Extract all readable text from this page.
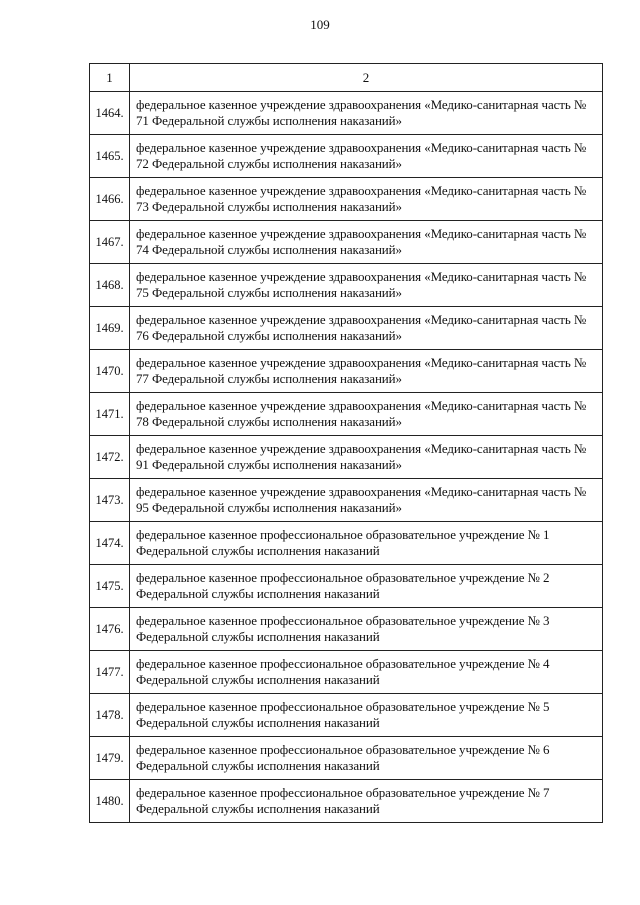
109
1	2
1464.	федеральное казенное учреждение здравоохранения «Медико-санитарная часть № 71 Федеральной службы исполнения наказаний»
1465.	федеральное казенное учреждение здравоохранения «Медико-санитарная часть № 72 Федеральной службы исполнения наказаний»
1466.	федеральное казенное учреждение здравоохранения «Медико-санитарная часть № 73 Федеральной службы исполнения наказаний»
1467.	федеральное казенное учреждение здравоохранения «Медико-санитарная часть № 74 Федеральной службы исполнения наказаний»
1468.	федеральное казенное учреждение здравоохранения «Медико-санитарная часть № 75 Федеральной службы исполнения наказаний»
1469.	федеральное казенное учреждение здравоохранения «Медико-санитарная часть № 76 Федеральной службы исполнения наказаний»
1470.	федеральное казенное учреждение здравоохранения «Медико-санитарная часть № 77 Федеральной службы исполнения наказаний»
1471.	федеральное казенное учреждение здравоохранения «Медико-санитарная часть № 78 Федеральной службы исполнения наказаний»
1472.	федеральное казенное учреждение здравоохранения «Медико-санитарная часть № 91 Федеральной службы исполнения наказаний»
1473.	федеральное казенное учреждение здравоохранения «Медико-санитарная часть № 95 Федеральной службы исполнения наказаний»
1474.	федеральное казенное профессиональное образовательное учреждение № 1 Федеральной службы исполнения наказаний
1475.	федеральное казенное профессиональное образовательное учреждение № 2 Федеральной службы исполнения наказаний
1476.	федеральное казенное профессиональное образовательное учреждение № 3 Федеральной службы исполнения наказаний
1477.	федеральное казенное профессиональное образовательное учреждение № 4 Федеральной службы исполнения наказаний
1478.	федеральное казенное профессиональное образовательное учреждение № 5 Федеральной службы исполнения наказаний
1479.	федеральное казенное профессиональное образовательное учреждение № 6 Федеральной службы исполнения наказаний
1480.	федеральное казенное профессиональное образовательное учреждение № 7 Федеральной службы исполнения наказаний
